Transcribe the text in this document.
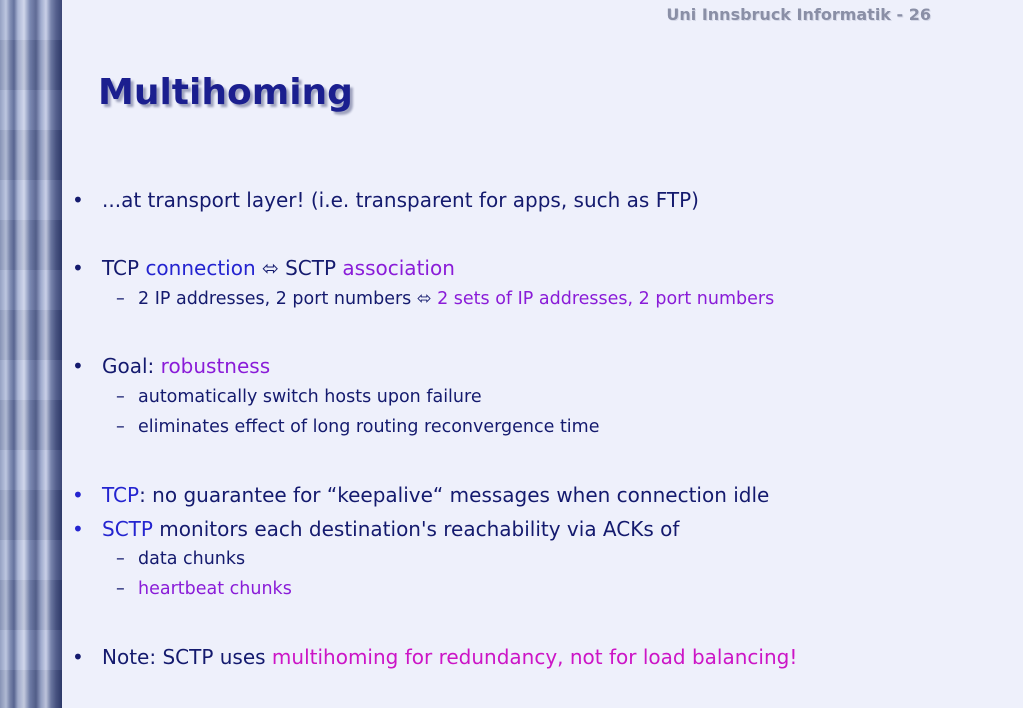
Uni Innsbruck Informatik - 26
Multihoming
• ...at transport layer! (i.e. transparent for apps, such as FTP)
• TCP connection ⬄ SCTP association
– 2 IP addresses, 2 port numbers ⬄ 2 sets of IP addresses, 2 port numbers
• Goal: robustness
– automatically switch hosts upon failure
– eliminates effect of long routing reconvergence time
• TCP: no guarantee for “keepalive“ messages when connection idle
• SCTP monitors each destination's reachability via ACKs of
– data chunks
– heartbeat chunks
• Note: SCTP uses multihoming for redundancy, not for load balancing!
